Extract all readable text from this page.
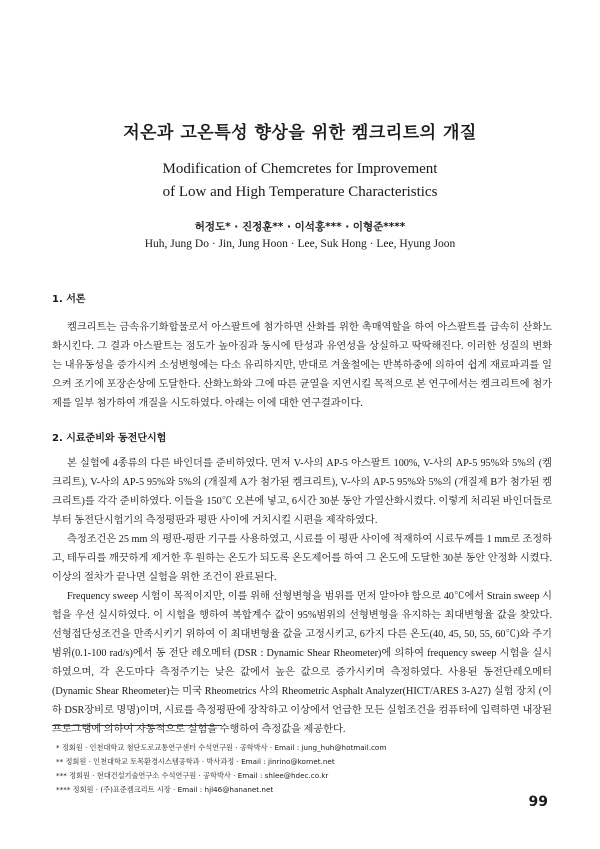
저온과 고온특성 향상을 위한 켐크리트의 개질
Modification of Chemcretes for Improvement
of Low and High Temperature Characteristics
허정도* · 진정훈** · 이석홍*** · 이형준****
Huh, Jung Do · Jin, Jung Hoon · Lee, Suk Hong · Lee, Hyung Joon
1. 서론

켐크리트는 금속유기화합물로서 아스팔트에 첨가하면 산화를 위한 촉매역할을 하여 아스팔트를 급속히 산화노화시킨다. 그 결과 아스팔트는 점도가 높아짐과 동시에 탄성과 유연성을 상실하고 딱딱해진다. 이러한 성질의 변화는 내유동성을 증가시켜 소성변형에는 다소 유리하지만, 반대로 겨울철에는 반복하중에 의하여 쉽게 재료파괴를 일으켜 조기에 포장손상에 도달한다. 산화노화와 그에 따른 균열을 지연시킬 목적으로 본 연구에서는 켐크리트에 첨가제를 일부 첨가하여 개질을 시도하였다. 아래는 이에 대한 연구결과이다.

2. 시료준비와 동전단시험

본 실험에 4종류의 다른 바인더를 준비하였다. 먼저 V-사의 AP-5 아스팔트 100%, V-사의 AP-5 95%와 5%의 (켐크리트), V-사의 AP-5 95%와 5%의 (개질제 A가 첨가된 켐크리트), V-사의 AP-5 95%와 5%의 (개질제 B가 첨가된 켐크리트)를 각각 준비하였다. 이들을 150℃ 오븐에 넣고, 6시간 30분 동안 가열산화시켰다. 이렇게 처리된 바인더들로부터 동전단시험기의 측정평판과 평판 사이에 거치시킬 시편을 제작하였다.

측정조건은 25 mm 의 평판-평판 기구를 사용하였고, 시료를 이 평판 사이에 적재하여 시료두께를 1 mm로 조정하고, 테두리를 깨끗하게 제거한 후 원하는 온도가 되도록 온도제어를 하여 그 온도에 도달한 30분 동안 안정화 시켰다. 이상의 절차가 끝나면 실험을 위한 조건이 완료된다.

Frequency sweep 시험이 목적이지만, 이를 위해 선형변형을 범위를 먼저 알아야 함으로 40℃에서 Strain sweep 시험을 우선 실시하였다. 이 시험을 행하여 복합계수 값이 95%범위의 선형변형을 유지하는 최대변형율 값을 찾았다. 선형접단성조건을 만족시키기 위하여 이 최대변형율 값을 고정시키고, 6가지 다른 온도(40, 45, 50, 55, 60℃)와 주기범위(0.1-100 rad/s)에서 동 전단 레오메터 (DSR : Dynamic Shear Rheometer)에 의하여 frequency sweep 시험을 실시하였으며, 각 온도마다 측정주기는 낮은 값에서 높은 값으로 증가시키며 측정하였다. 사용된 동전단레오메터(Dynamic Shear Rheometer)는 미국 Rheometrics 사의 Rheometric Asphalt Analyzer(HICT/ARES 3-A27) 실험 장치 (이하 DSR장비로 명명)이며, 시료를 측정평판에 장착하고 이상에서 언급한 모든 실험조건을 컴퓨터에 입력하면 내장된 프로그램에 의하여 자동적으로 실험을 수행하여 측정값을 제공한다.

* 정회원 · 인천대학교 첨단도로교통연구센터 수석연구원 · 공학박사 · Email : jung_huh@hotmail.com
** 정회원 · 인천대학교 토목환경시스템공학과 · 박사과정 · Email : jinrino@kornet.net
*** 정회원 · 현대건설기술연구소 수석연구원 · 공학박사 · Email : shlee@hdec.co.kr
**** 정회원 · (주)표준켐크리트 시장 · Email : hjl46@hananet.net
99
